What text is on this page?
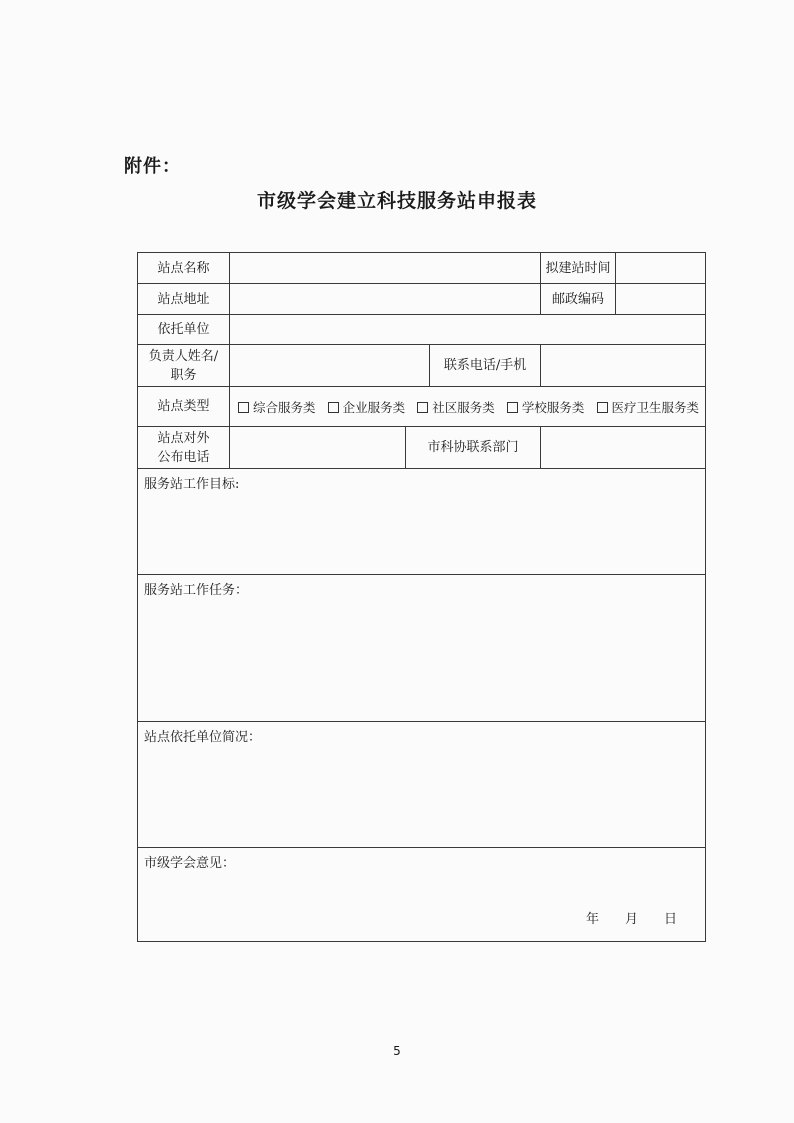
附件：
市级学会建立科技服务站申报表
站点名称				拟建站时间	
站点地址				邮政编码	
依托单位					

负责人姓名/
职务			联系电话/手机		
站点类型	综合服务类 企业服务类 社区服务类 学校服务类 医疗卫生服务类				

站点对外
公布电话		市科协联系部门			

服务站工作目标:					

服务站工作任务：					

站点依托单位简况：					

市级学会意见：
年 月 日					
5
